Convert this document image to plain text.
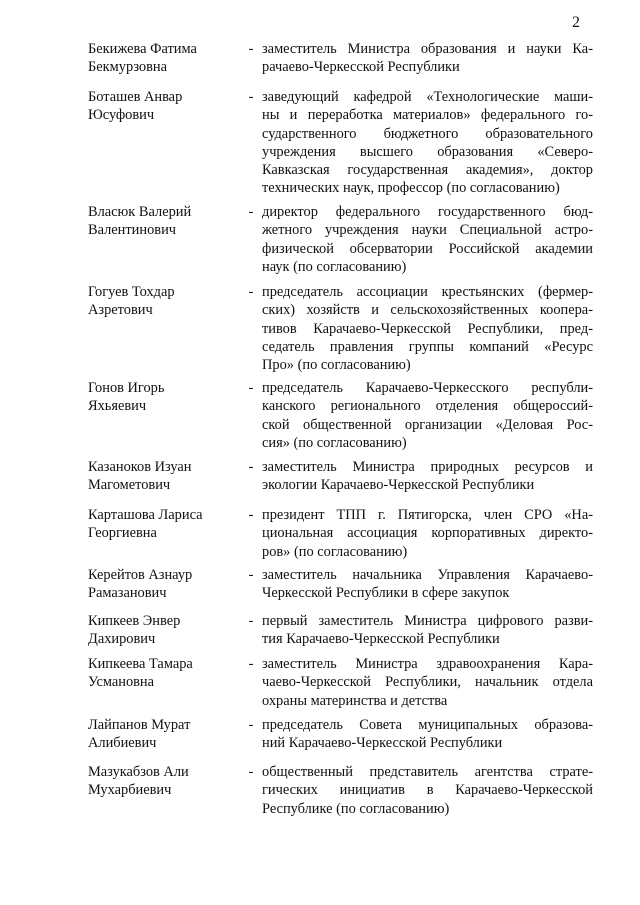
2
Бекижева Фатима
Бекмурзовна
- заместитель Министра образования и науки Ка-
рачаево-Черкесской Республики
Боташев Анвар
Юсуфович
- заведующий кафедрой «Технологические маши-
ны и переработка материалов» федерального го-
сударственного бюджетного образовательного
учреждения высшего образования «Северо-
Кавказская государственная академия», доктор
технических наук, профессор (по согласованию)
Власюк Валерий
Валентинович
- директор федерального государственного бюд-
жетного учреждения науки Специальной астро-
физической обсерватории Российской академии
наук (по согласованию)
Гогуев Тохдар
Азретович
- председатель ассоциации крестьянских (фермер-
ских) хозяйств и сельскохозяйственных коопера-
тивов Карачаево-Черкесской Республики, пред-
седатель правления группы компаний «Ресурс
Про» (по согласованию)
Гонов Игорь
Яхьяевич
- председатель Карачаево-Черкесского республи-
канского регионального отделения общероссий-
ской общественной организации «Деловая Рос-
сия» (по согласованию)
Казаноков Изуан
Магометович
- заместитель Министра природных ресурсов и
экологии Карачаево-Черкесской Республики
Карташова Лариса
Георгиевна
- президент ТПП г. Пятигорска, член СРО «На-
циональная ассоциация корпоративных директо-
ров» (по согласованию)
Керейтов Азнаур
Рамазанович
- заместитель начальника Управления Карачаево-
Черкесской Республики в сфере закупок
Кипкеев Энвер
Дахирович
- первый заместитель Министра цифрового разви-
тия Карачаево-Черкесской Республики
Кипкеева Тамара
Усмановна
- заместитель Министра здравоохранения Кара-
чаево-Черкесской Республики, начальник отдела
охраны материнства и детства
Лайпанов Мурат
Алибиевич
- председатель Совета муниципальных образова-
ний Карачаево-Черкесской Республики
Мазукабзов Али
Мухарбиевич
- общественный представитель агентства страте-
гических инициатив в Карачаево-Черкесской
Республике (по согласованию)
